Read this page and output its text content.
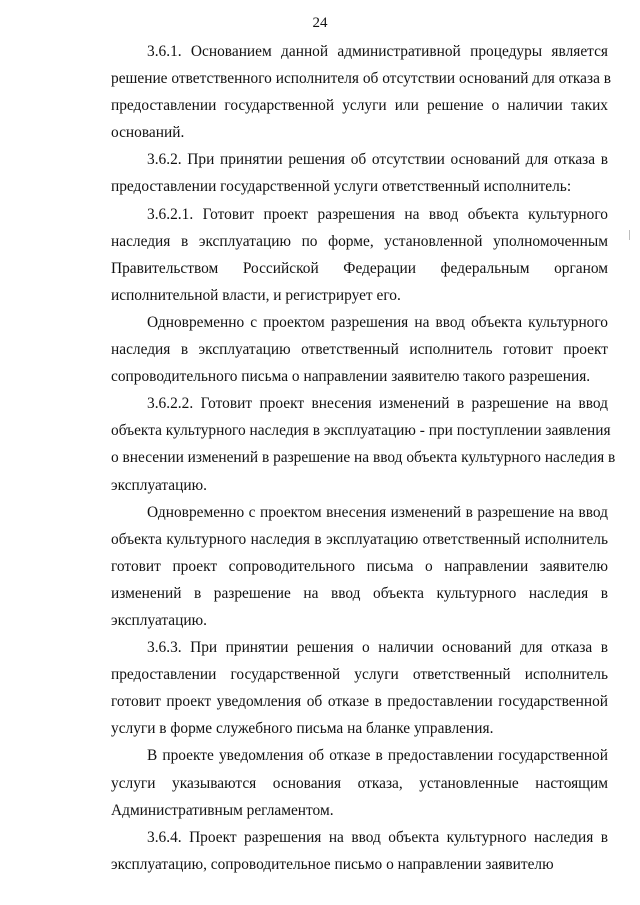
24
3.6.1. Основанием данной административной процедуры является
решение ответственного исполнителя об отсутствии оснований для отказа в
предоставлении государственной услуги или решение о наличии таких
оснований.
3.6.2. При принятии решения об отсутствии оснований для отказа в
предоставлении государственной услуги ответственный исполнитель:
3.6.2.1. Готовит проект разрешения на ввод объекта культурного
наследия в эксплуатацию по форме, установленной уполномоченным
Правительством Российской Федерации федеральным органом
исполнительной власти, и регистрирует его.
Одновременно с проектом разрешения на ввод объекта культурного
наследия в эксплуатацию ответственный исполнитель готовит проект
сопроводительного письма о направлении заявителю такого разрешения.
3.6.2.2. Готовит проект внесения изменений в разрешение на ввод
объекта культурного наследия в эксплуатацию - при поступлении заявления
о внесении изменений в разрешение на ввод объекта культурного наследия в
эксплуатацию.
Одновременно с проектом внесения изменений в разрешение на ввод
объекта культурного наследия в эксплуатацию ответственный исполнитель
готовит проект сопроводительного письма о направлении заявителю
изменений в разрешение на ввод объекта культурного наследия в
эксплуатацию.
3.6.3. При принятии решения о наличии оснований для отказа в
предоставлении государственной услуги ответственный исполнитель
готовит проект уведомления об отказе в предоставлении государственной
услуги в форме служебного письма на бланке управления.
В проекте уведомления об отказе в предоставлении государственной
услуги указываются основания отказа, установленные настоящим
Административным регламентом.
3.6.4. Проект разрешения на ввод объекта культурного наследия в
эксплуатацию, сопроводительное письмо о направлении заявителю
